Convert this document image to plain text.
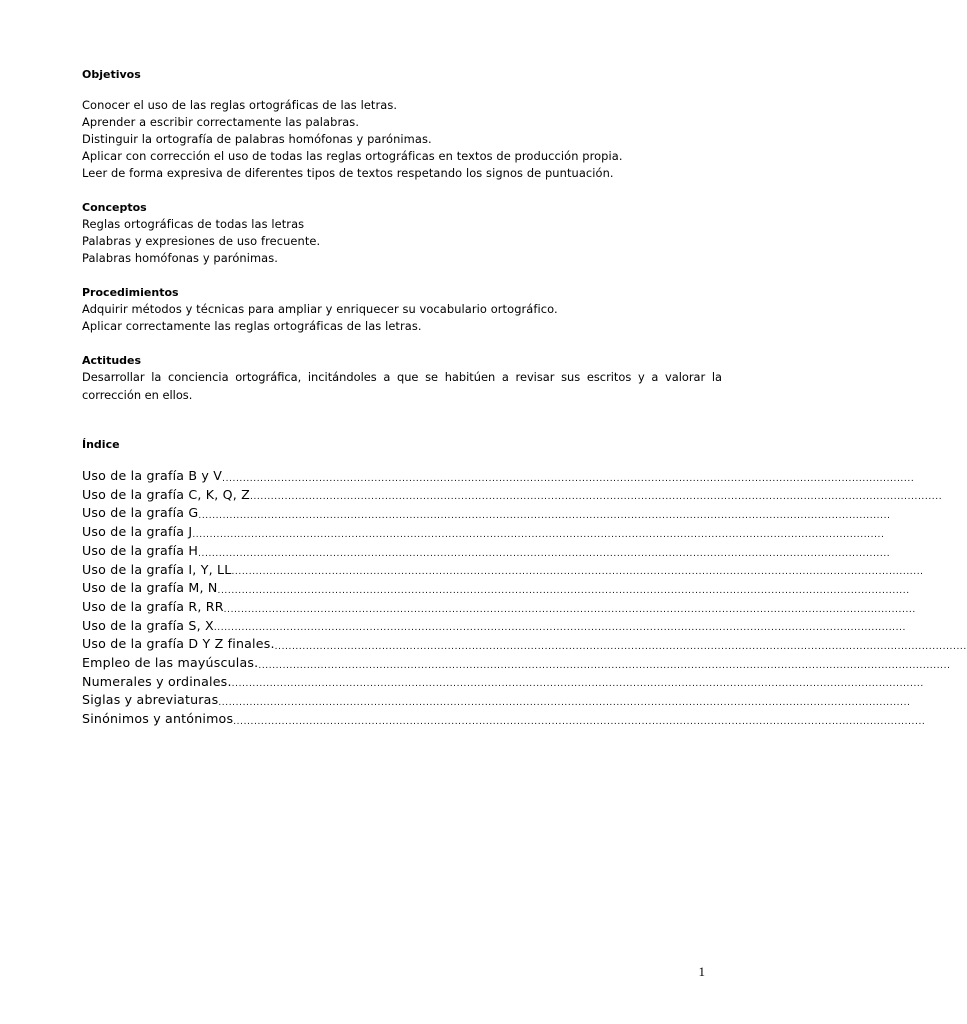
Objetivos
Conocer el uso de las reglas ortográficas de las letras.
Aprender a escribir correctamente las palabras.
Distinguir la ortografía de palabras homófonas y parónimas.
Aplicar con corrección el uso de todas las reglas ortográficas en textos de producción propia.
Leer de forma expresiva de diferentes tipos de textos respetando los signos de puntuación.
Conceptos
Reglas ortográficas de todas las letras
Palabras y expresiones de uso frecuente.
Palabras homófonas y parónimas.
Procedimientos
Adquirir métodos y técnicas para ampliar y enriquecer su vocabulario ortográfico.
Aplicar correctamente las reglas ortográficas de las letras.
Actitudes
Desarrollar la conciencia ortográfica, incitándoles a que se habitúen a revisar sus escritos y a valorar la corrección en ellos.
Índice
Uso de la grafía B y V ........................................................................................................................................................................................................
Uso de la grafía C, K, Q, Z ........................................................................................................................................................................................................
Uso de la grafía G ........................................................................................................................................................................................................
Uso de la grafía J ........................................................................................................................................................................................................
Uso de la grafía H ........................................................................................................................................................................................................
Uso de la grafía I, Y, LL ........................................................................................................................................................................................................
Uso de la grafía M, N ........................................................................................................................................................................................................
Uso de la grafía R, RR ........................................................................................................................................................................................................
Uso de la grafía S, X ........................................................................................................................................................................................................
Uso de la grafía D Y Z finales. ........................................................................................................................................................................................................
Empleo de las mayúsculas. ........................................................................................................................................................................................................
Numerales y ordinales. ........................................................................................................................................................................................................
Siglas y abreviaturas ........................................................................................................................................................................................................
Sinónimos y antónimos ........................................................................................................................................................................................................
1
